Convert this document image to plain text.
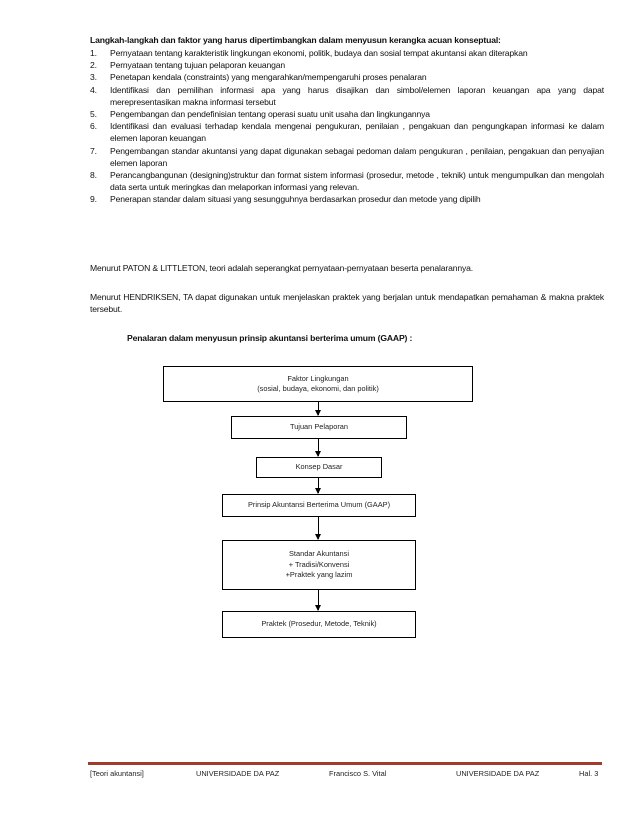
Langkah-langkah dan faktor yang harus dipertimbangkan dalam menyusun kerangka acuan konseptual:
1. Pernyataan tentang karakteristik lingkungan ekonomi, politik, budaya dan sosial tempat akuntansi akan diterapkan
2. Pernyataan tentang tujuan pelaporan keuangan
3. Penetapan kendala (constraints) yang mengarahkan/mempengaruhi proses penalaran
4. Identifikasi dan pemilihan informasi apa yang harus disajikan dan simbol/elemen laporan keuangan apa yang dapat merepresentasikan makna informasi tersebut
5. Pengembangan dan pendefinisian tentang operasi suatu unit usaha dan lingkungannya
6. Identifikasi dan evaluasi terhadap kendala mengenai pengukuran, penilaian , pengakuan dan pengungkapan informasi ke dalam elemen laporan keuangan
7. Pengembangan standar akuntansi yang dapat digunakan sebagai pedoman dalam pengukuran , penilaian, pengakuan dan penyajian elemen laporan
8. Perancangbangunan (designing)struktur dan format sistem informasi (prosedur, metode , teknik) untuk mengumpulkan dan mengolah data serta untuk meringkas dan melaporkan informasi yang relevan.
9. Penerapan standar dalam situasi yang sesungguhnya berdasarkan prosedur dan metode yang dipilih
Menurut PATON & LITTLETON, teori adalah seperangkat pernyataan-pernyataan beserta penalarannya.
Menurut HENDRIKSEN, TA dapat digunakan untuk menjelaskan praktek yang berjalan untuk mendapatkan pemahaman & makna praktek tersebut.
Penalaran dalam menyusun prinsip akuntansi berterima umum (GAAP) :
Faktor Lingkungan
(sosial, budaya, ekonomi, dan politik)
Tujuan Pelaporan
Konsep Dasar
Prinsip Akuntansi Berterima Umum (GAAP)
Standar Akuntansi
+ Tradisi/Konvensi
+Praktek yang lazim
Praktek (Prosedur, Metode, Teknik)
[Teori akuntansi]	UNIVERSIDADE DA PAZ	Francisco S. Vital	UNIVERSIDADE DA PAZ	Hal. 3
